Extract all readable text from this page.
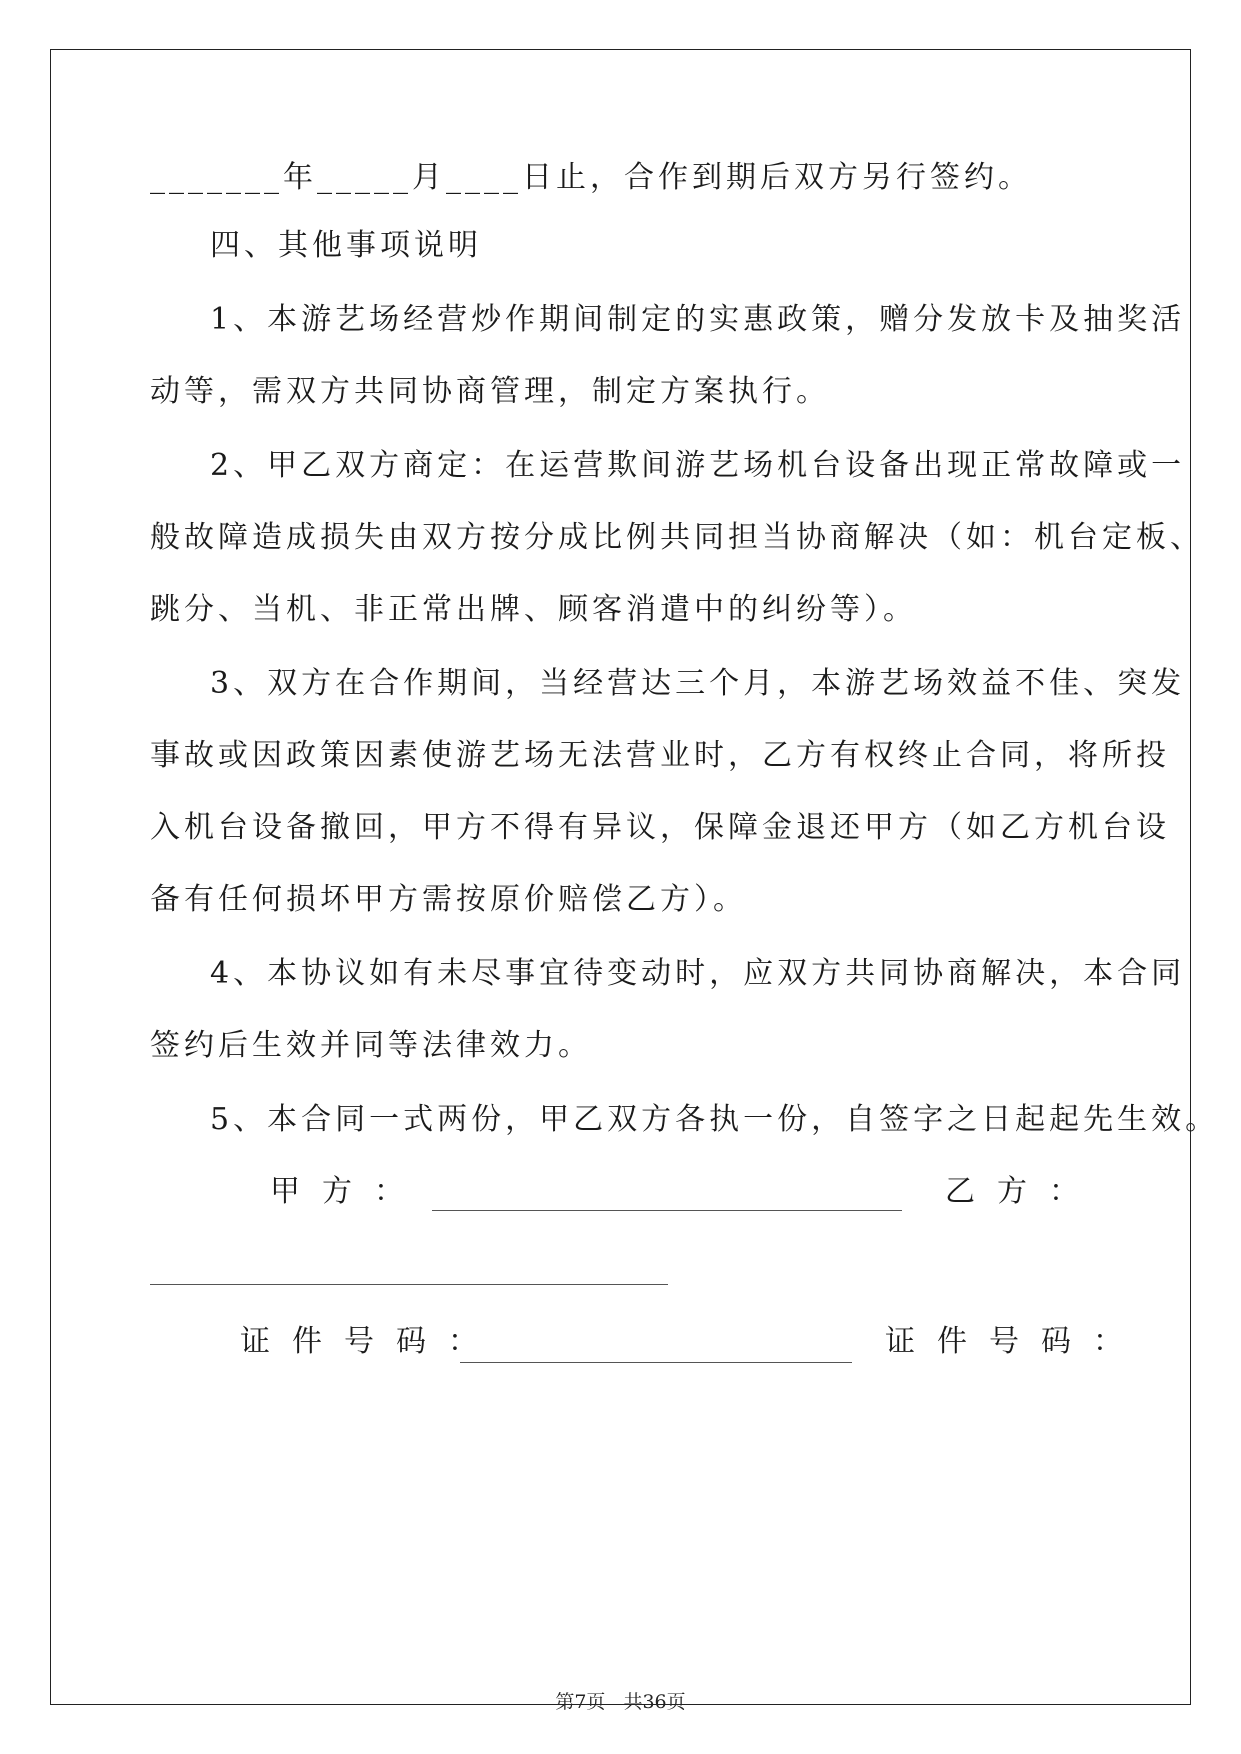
_______年_____月____日止，合作到期后双方另行签约。
四、其他事项说明
1、本游艺场经营炒作期间制定的实惠政策，赠分发放卡及抽奖活
动等，需双方共同协商管理，制定方案执行。
2、甲乙双方商定：在运营欺间游艺场机台设备出现正常故障或一
般故障造成损失由双方按分成比例共同担当协商解决（如：机台定板、
跳分、当机、非正常出牌、顾客消遣中的纠纷等）。
3、双方在合作期间，当经营达三个月，本游艺场效益不佳、突发
事故或因政策因素使游艺场无法营业时，乙方有权终止合同，将所投
入机台设备撤回，甲方不得有异议，保障金退还甲方（如乙方机台设
备有任何损坏甲方需按原价赔偿乙方）。
4、本协议如有未尽事宜待变动时，应双方共同协商解决，本合同
签约后生效并同等法律效力。
5、本合同一式两份，甲乙双方各执一份，自签字之日起起先生效。
甲方：	乙方：
证件号码：	证件号码：
第7页 共36页
